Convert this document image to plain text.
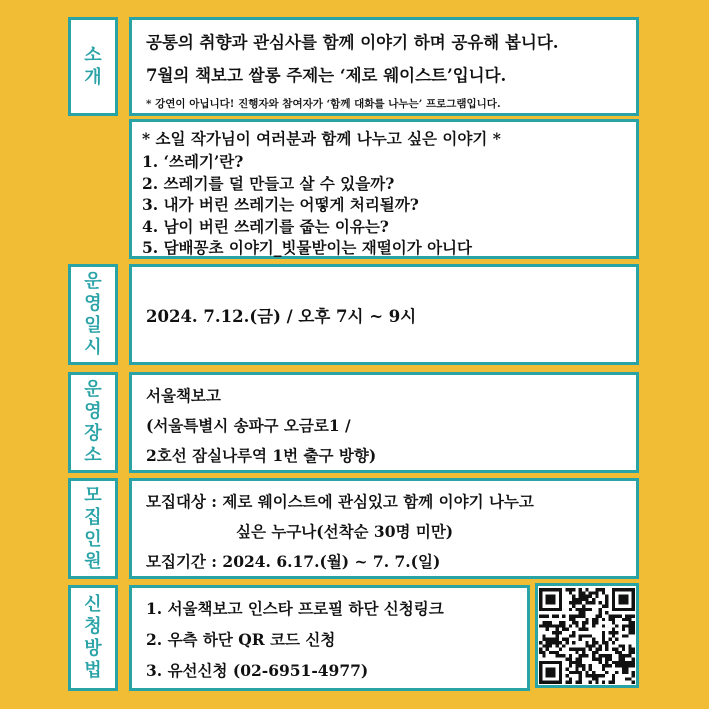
소
개
운
영
일
시
운
영
장
소
모
집
인
원
신
청
방
법
공통의 취향과 관심사를 함께 이야기 하며 공유해 봅니다.
7월의 책보고 쌀롱 주제는 ‘제로 웨이스트’입니다.
* 강연이 아닙니다! 진행자와 참여자가 ‘함께 대화를 나누는’ 프로그램입니다.
* 소일 작가님이 여러분과 함께 나누고 싶은 이야기 *
1. ‘쓰레기’란?
2. 쓰레기를 덜 만들고 살 수 있을까?
3. 내가 버린 쓰레기는 어떻게 처리될까?
4. 남이 버린 쓰레기를 줍는 이유는?
5. 담배꽁초 이야기_빗물받이는 재떨이가 아니다
2024. 7.12.(금) / 오후 7시 ~ 9시
서울책보고
(서울특별시 송파구 오금로1 /
2호선 잠실나루역 1번 출구 방향)
모집대상 : 제로 웨이스트에 관심있고 함께 이야기 나누고
싶은 누구나(선착순 30명 미만)
모집기간 : 2024. 6.17.(월) ~ 7. 7.(일)
1. 서울책보고 인스타 프로필 하단 신청링크
2. 우측 하단 QR 코드 신청
3. 유선신청 (02-6951-4977)
